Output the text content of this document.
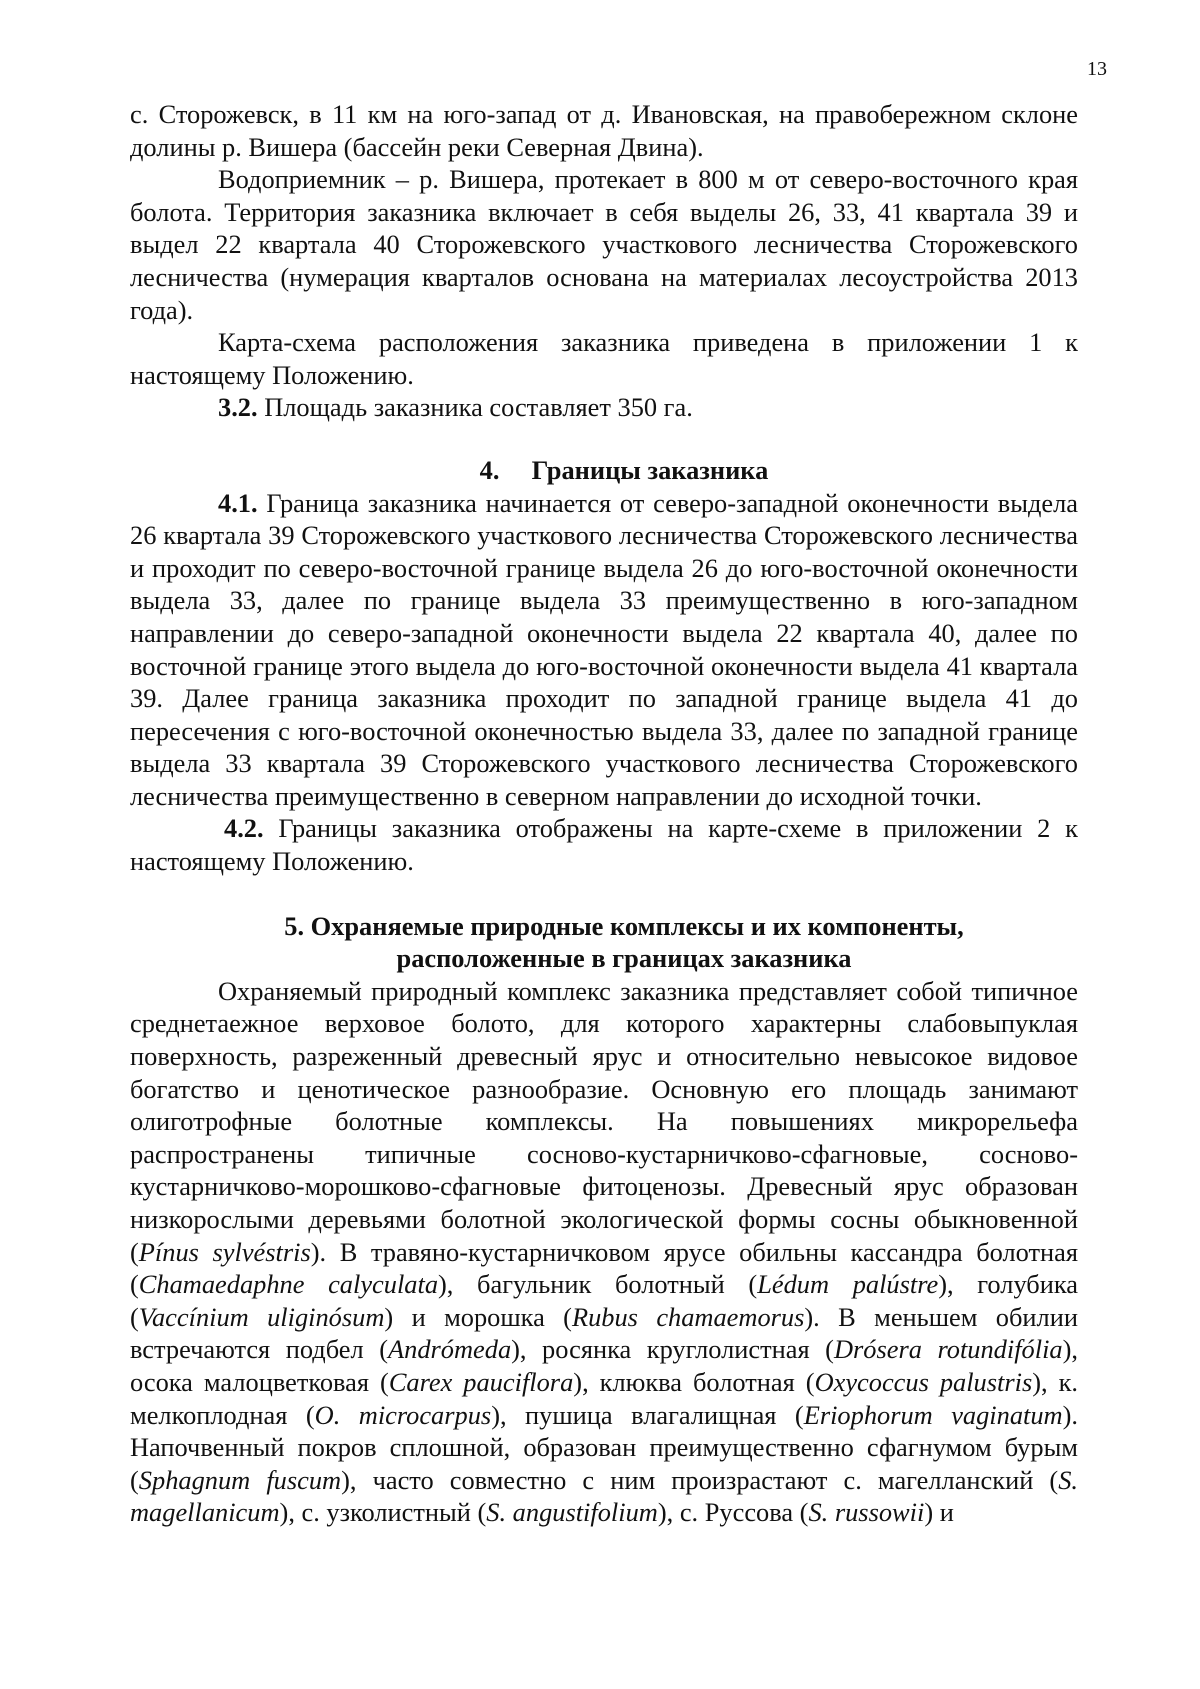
13

с. Сторожевск, в 11 км на юго-запад от д. Ивановская, на правобережном склоне долины р. Вишера (бассейн реки Северная Двина).

Водоприемник – р. Вишера, протекает в 800 м от северо-восточного края болота. Территория заказника включает в себя выделы 26, 33, 41 квартала 39 и выдел 22 квартала 40 Сторожевского участкового лесничества Сторожевского лесничества (нумерация кварталов основана на материалах лесоустройства 2013 года).

Карта-схема расположения заказника приведена в приложении 1 к настоящему Положению.

3.2. Площадь заказника составляет 350 га.

4. Границы заказника

4.1. Граница заказника начинается от северо-западной оконечности выдела 26 квартала 39 Сторожевского участкового лесничества Сторожевского лесничества и проходит по северо-восточной границе выдела 26 до юго-восточной оконечности выдела 33, далее по границе выдела 33 преимущественно в юго-западном направлении до северо-западной оконечности выдела 22 квартала 40, далее по восточной границе этого выдела до юго-восточной оконечности выдела 41 квартала 39. Далее граница заказника проходит по западной границе выдела 41 до пересечения с юго-восточной оконечностью выдела 33, далее по западной границе выдела 33 квартала 39 Сторожевского участкового лесничества Сторожевского лесничества преимущественно в северном направлении до исходной точки.

4.2. Границы заказника отображены на карте-схеме в приложении 2 к настоящему Положению.

5. Охраняемые природные комплексы и их компоненты,
расположенные в границах заказника

Охраняемый природный комплекс заказника представляет собой типичное среднетаежное верховое болото, для которого характерны слабовыпуклая поверхность, разреженный древесный ярус и относительно невысокое видовое богатство и ценотическое разнообразие. Основную его площадь занимают олиготрофные болотные комплексы. На повышениях микрорельефа распространены типичные сосново-кустарничково-сфагновые, сосново-кустарничково-морошково-сфагновые фитоценозы. Древесный ярус образован низкорослыми деревьями болотной экологической формы сосны обыкновенной (Pínus sylvéstris). В травяно-кустарничковом ярусе обильны кассандра болотная (Chamaedaphne calyculata), багульник болотный (Lédum palústre), голубика (Vaccínium uliginósum) и морошка (Rubus chamaemorus). В меньшем обилии встречаются подбел (Andrómeda), росянка круглолистная (Drósera rotundifólia), осока малоцветковая (Carex pauciflora), клюква болотная (Oxycoccus palustris), к. мелкоплодная (O. microcarpus), пушица влагалищная (Eriophorum vaginatum). Напочвенный покров сплошной, образован преимущественно сфагнумом бурым (Sphagnum fuscum), часто совместно с ним произрастают с. магелланский (S. magellanicum), с. узколистный (S. angustifolium), с. Руссова (S. russowii) и
